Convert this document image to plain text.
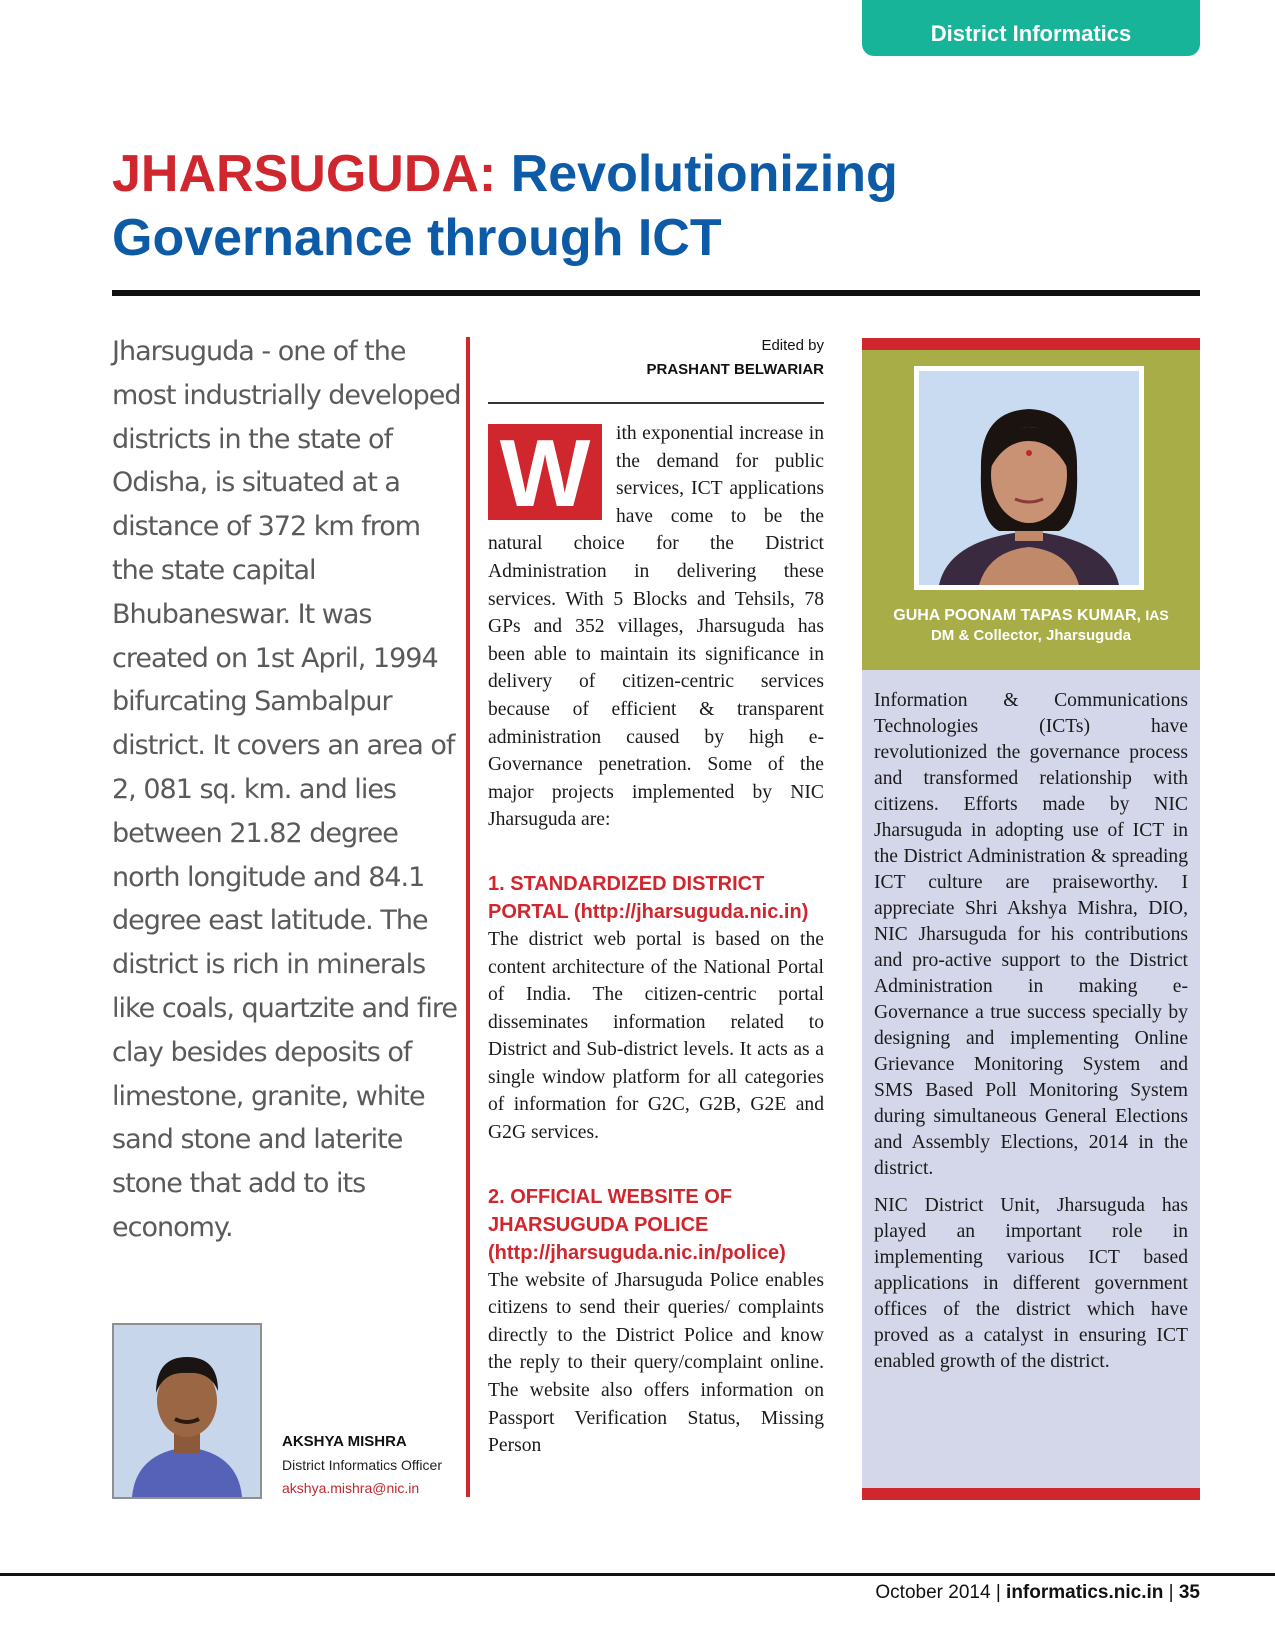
District Informatics
JHARSUGUDA: Revolutionizing Governance through ICT
Jharsuguda - one of the most industrially developed districts in the state of Odisha, is situated at a distance of 372 km from the state capital Bhubaneswar. It was created on 1st April, 1994 bifurcating Sambalpur district. It covers an area of 2, 081 sq. km. and lies between 21.82 degree north longitude and 84.1 degree east latitude. The district is rich in minerals like coals, quartzite and fire clay besides deposits of limestone, granite, white sand stone and laterite stone that add to its economy.
AKSHYA MISHRA
District Informatics Officer
akshya.mishra@nic.in
Edited by
PRASHANT BELWARIAR

W	ith exponential increase in the demand for public services, ICT applications have come to be the natural choice for the District Administration in delivering these services. With 5 Blocks and Tehsils, 78 GPs and 352 villages, Jharsuguda has been able to maintain its significance in delivery of citizen-centric services because of efficient & transparent administration caused by high e-Governance penetration. Some of the major projects implemented by NIC Jharsuguda are:

1. STANDARDIZED DISTRICT PORTAL (http://jharsuguda.nic.in)

The district web portal is based on the content architecture of the National Portal of India. The citizen-centric portal disseminates information related to District and Sub-district levels. It acts as a single window platform for all categories of information for G2C, G2B, G2E and G2G services.

2. OFFICIAL WEBSITE OF JHARSUGUDA POLICE (http://jharsuguda.nic.in/police)

The website of Jharsuguda Police enables citizens to send their queries/ complaints directly to the District Police and know the reply to their query/complaint online. The website also offers information on Passport Verification Status, Missing Person

GUHA POONAM TAPAS KUMAR, IAS
DM & Collector, Jharsuguda

Information & Communications Technologies (ICTs) have revolutionized the governance process and transformed relationship with citizens. Efforts made by NIC Jharsuguda in adopting use of ICT in the District Administration & spreading ICT culture are praiseworthy. I appreciate Shri Akshya Mishra, DIO, NIC Jharsuguda for his contributions and pro-active support to the District Administration in making e-Governance a true success specially by designing and implementing Online Grievance Monitoring System and SMS Based Poll Monitoring System during simultaneous General Elections and Assembly Elections, 2014 in the district.

NIC District Unit, Jharsuguda has played an important role in implementing various ICT based applications in different government offices of the district which have proved as a catalyst in ensuring ICT enabled growth of the district.

October 2014 | informatics.nic.in | 35
